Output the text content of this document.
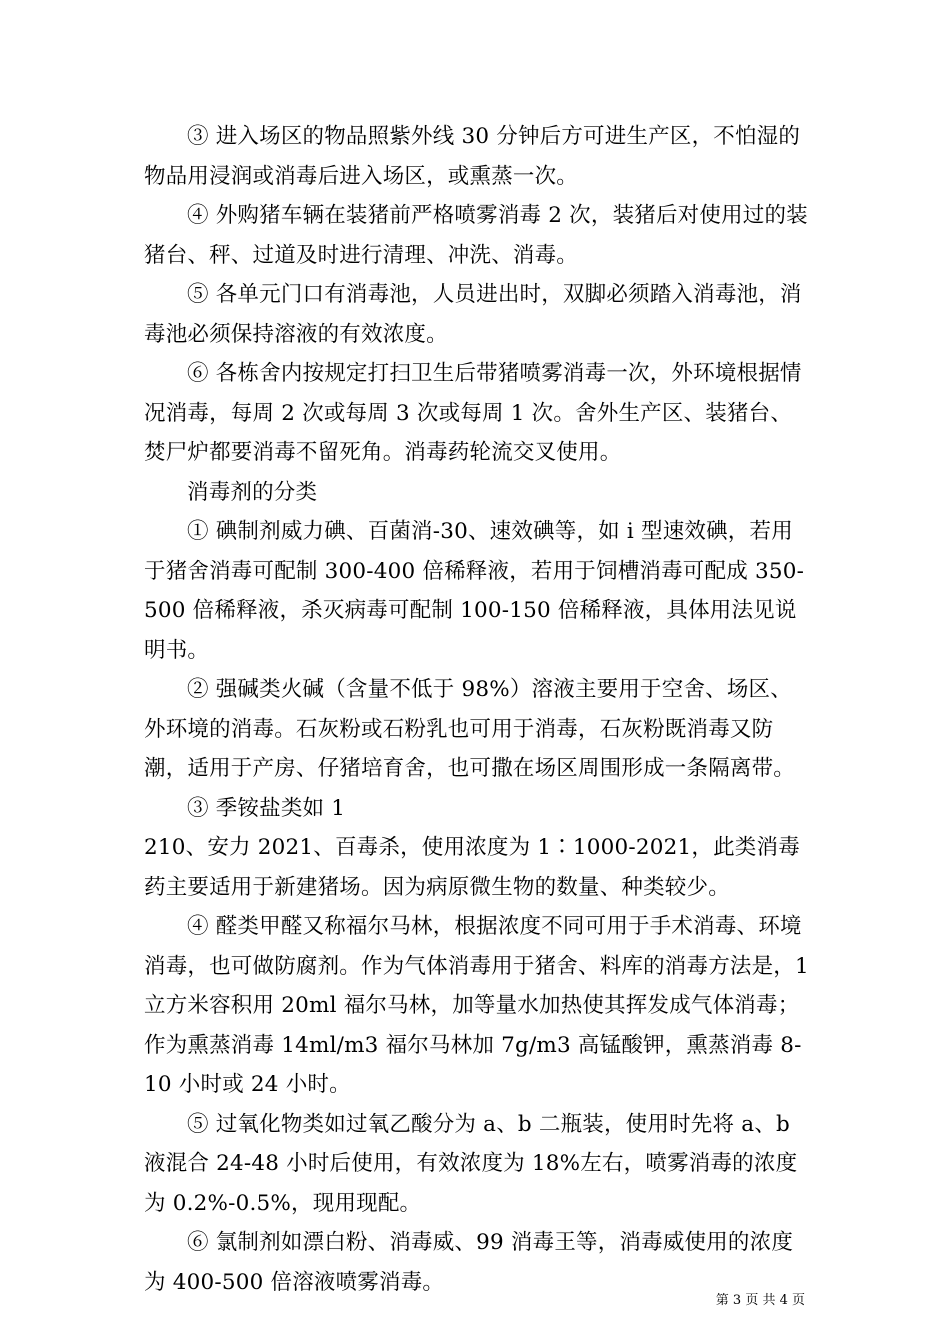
③ 进入场区的物品照紫外线 30 分钟后方可进生产区，不怕湿的物品用浸润或消毒后进入场区，或熏蒸一次。

④ 外购猪车辆在装猪前严格喷雾消毒 2 次，装猪后对使用过的装猪台、秤、过道及时进行清理、冲洗、消毒。

⑤ 各单元门口有消毒池，人员进出时，双脚必须踏入消毒池，消毒池必须保持溶液的有效浓度。

⑥ 各栋舍内按规定打扫卫生后带猪喷雾消毒一次，外环境根据情况消毒，每周 2 次或每周 3 次或每周 1 次。舍外生产区、装猪台、焚尸炉都要消毒不留死角。消毒药轮流交叉使用。

消毒剂的分类

① 碘制剂威力碘、百菌消-30、速效碘等，如 i 型速效碘，若用于猪舍消毒可配制 300-400 倍稀释液，若用于饲槽消毒可配成 350-500 倍稀释液，杀灭病毒可配制 100-150 倍稀释液，具体用法见说明书。

② 强碱类火碱（含量不低于 98%）溶液主要用于空舍、场区、外环境的消毒。石灰粉或石粉乳也可用于消毒，石灰粉既消毒又防潮，适用于产房、仔猪培育舍，也可撒在场区周围形成一条隔离带。

③ 季铵盐类如 1

210、安力 2021、百毒杀，使用浓度为 1∶1000-2021，此类消毒药主要适用于新建猪场。因为病原微生物的数量、种类较少。

④ 醛类甲醛又称福尔马林，根据浓度不同可用于手术消毒、环境消毒，也可做防腐剂。作为气体消毒用于猪舍、料库的消毒方法是，1 立方米容积用 20ml 福尔马林，加等量水加热使其挥发成气体消毒；作为熏蒸消毒 14ml/m3 福尔马林加 7g/m3 高锰酸钾，熏蒸消毒 8-10 小时或 24 小时。

⑤ 过氧化物类如过氧乙酸分为 a、b 二瓶装，使用时先将 a、b 液混合 24-48 小时后使用，有效浓度为 18%左右，喷雾消毒的浓度为 0.2%-0.5%，现用现配。

⑥ 氯制剂如漂白粉、消毒威、99 消毒王等，消毒威使用的浓度为 400-500 倍溶液喷雾消毒。

第 3 页 共 4 页
